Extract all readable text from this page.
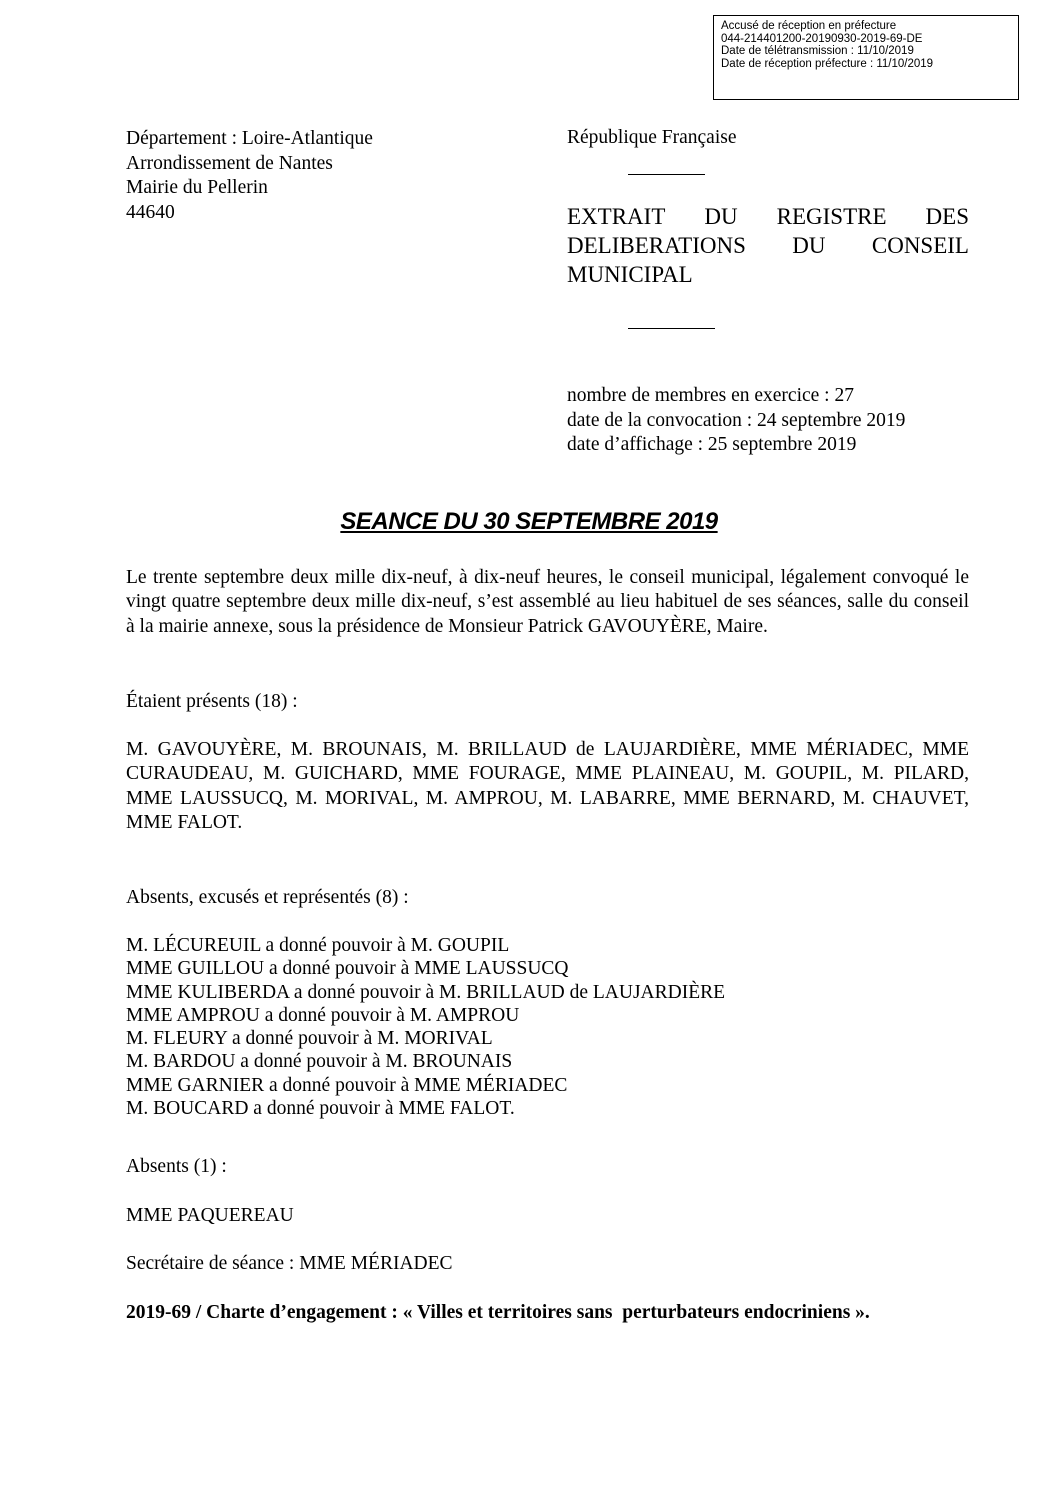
Accusé de réception en préfecture
044-214401200-20190930-2019-69-DE
Date de télétransmission : 11/10/2019
Date de réception préfecture : 11/10/2019
Département : Loire-Atlantique
Arrondissement de Nantes
Mairie du Pellerin
44640
République Française
EXTRAIT DU REGISTRE DES
DELIBERATIONS DU CONSEIL
MUNICIPAL
nombre de membres en exercice : 27
date de la convocation : 24 septembre 2019
date d’affichage : 25 septembre 2019
SEANCE DU 30 SEPTEMBRE 2019
Le trente septembre deux mille dix-neuf, à dix-neuf heures, le conseil municipal, légalement convoqué le vingt quatre septembre deux mille dix-neuf, s’est assemblé au lieu habituel de ses séances, salle du conseil à la mairie annexe, sous la présidence de Monsieur Patrick GAVOUYÈRE, Maire.
Étaient présents (18) :
M. GAVOUYÈRE, M. BROUNAIS, M. BRILLAUD de LAUJARDIÈRE, MME MÉRIADEC, MME CURAUDEAU, M. GUICHARD, MME FOURAGE, MME PLAINEAU, M. GOUPIL, M. PILARD, MME LAUSSUCQ, M. MORIVAL, M. AMPROU, M. LABARRE, MME BERNARD, M. CHAUVET, MME FALOT.
Absents, excusés et représentés (8) :
M. LÉCUREUIL a donné pouvoir à M. GOUPIL
MME GUILLOU a donné pouvoir à MME LAUSSUCQ
MME KULIBERDA a donné pouvoir à M. BRILLAUD de LAUJARDIÈRE
MME AMPROU a donné pouvoir à M. AMPROU
M. FLEURY a donné pouvoir à M. MORIVAL
M. BARDOU a donné pouvoir à M. BROUNAIS
MME GARNIER a donné pouvoir à MME MÉRIADEC
M. BOUCARD a donné pouvoir à MME FALOT.
Absents (1) :
MME PAQUEREAU
Secrétaire de séance : MME MÉRIADEC
2019-69 / Charte d’engagement : « Villes et territoires sans  perturbateurs endocriniens ».
